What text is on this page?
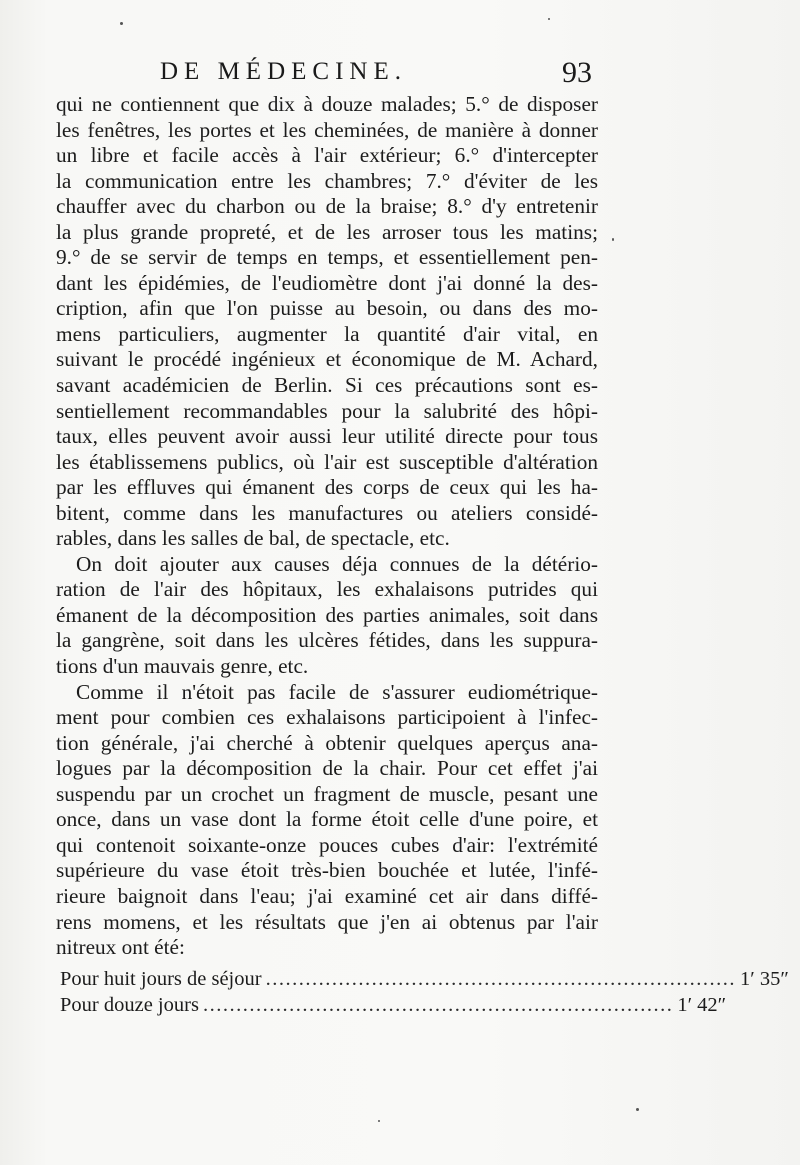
DE MÉDECINE.	93
qui ne contiennent que dix à douze malades; 5.° de disposer
les fenêtres, les portes et les cheminées, de manière à donner
un libre et facile accès à l'air extérieur; 6.° d'intercepter
la communication entre les chambres; 7.° d'éviter de les
chauffer avec du charbon ou de la braise; 8.° d'y entretenir
la plus grande propreté, et de les arroser tous les matins;
9.° de se servir de temps en temps, et essentiellement pen-
dant les épidémies, de l'eudiomètre dont j'ai donné la des-
cription, afin que l'on puisse au besoin, ou dans des mo-
mens particuliers, augmenter la quantité d'air vital, en
suivant le procédé ingénieux et économique de M. Achard,
savant académicien de Berlin. Si ces précautions sont es-
sentiellement recommandables pour la salubrité des hôpi-
taux, elles peuvent avoir aussi leur utilité directe pour tous
les établissemens publics, où l'air est susceptible d'altération
par les effluves qui émanent des corps de ceux qui les ha-
bitent, comme dans les manufactures ou ateliers considé-
rables, dans les salles de bal, de spectacle, etc.
On doit ajouter aux causes déja connues de la détério-
ration de l'air des hôpitaux, les exhalaisons putrides qui
émanent de la décomposition des parties animales, soit dans
la gangrène, soit dans les ulcères fétides, dans les suppura-
tions d'un mauvais genre, etc.
Comme il n'étoit pas facile de s'assurer eudiométrique-
ment pour combien ces exhalaisons participoient à l'infec-
tion générale, j'ai cherché à obtenir quelques aperçus ana-
logues par la décomposition de la chair. Pour cet effet j'ai
suspendu par un crochet un fragment de muscle, pesant une
once, dans un vase dont la forme étoit celle d'une poire, et
qui contenoit soixante-onze pouces cubes d'air: l'extrémité
supérieure du vase étoit très-bien bouchée et lutée, l'infé-
rieure baignoit dans l'eau; j'ai examiné cet air dans diffé-
rens momens, et les résultats que j'en ai obtenus par l'air
nitreux ont été:
Pour huit jours de séjour ....................................................................... 1′ 35″
Pour douze jours ....................................................................... 1′ 42″
